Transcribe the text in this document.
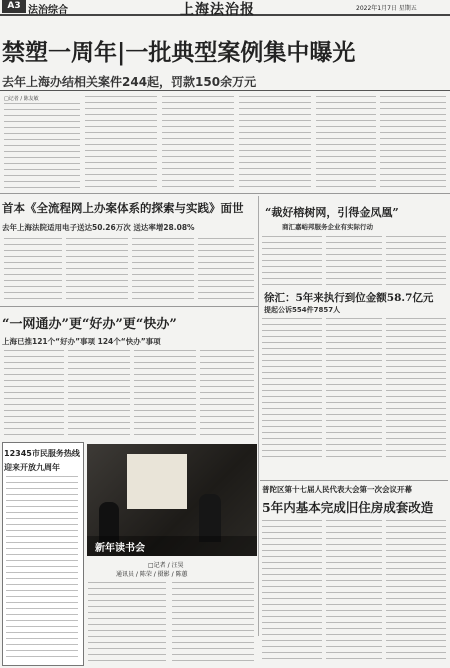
A3 法治综合	上海法治报	2022年1月7日 星期五
禁塑一周年|一批典型案例集中曝光
去年上海办结相关案件244起，罚款150余万元
□记者 / 陈友敏
首本《全流程网上办案体系的探索与实践》面世
去年上海法院适用电子送达50.26万次 送达率增28.08%
“一网通办”更“好办”更“快办”
上海已推121个“好办”事项 124个“快办”事项
12345市民服务热线
迎来开放九周年
新年读书会
□记者 / 汪昊
通讯员 / 陈荣 / 摄影 / 陈蕙
“裁好榕树网，引得金凤凰”
商汇嘉峪邦服务企业有实际行动
徐汇：5年来执行到位金额58.7亿元
提起公诉554件7857人
普陀区第十七届人民代表大会第一次会议开幕
5年内基本完成旧住房成套改造
